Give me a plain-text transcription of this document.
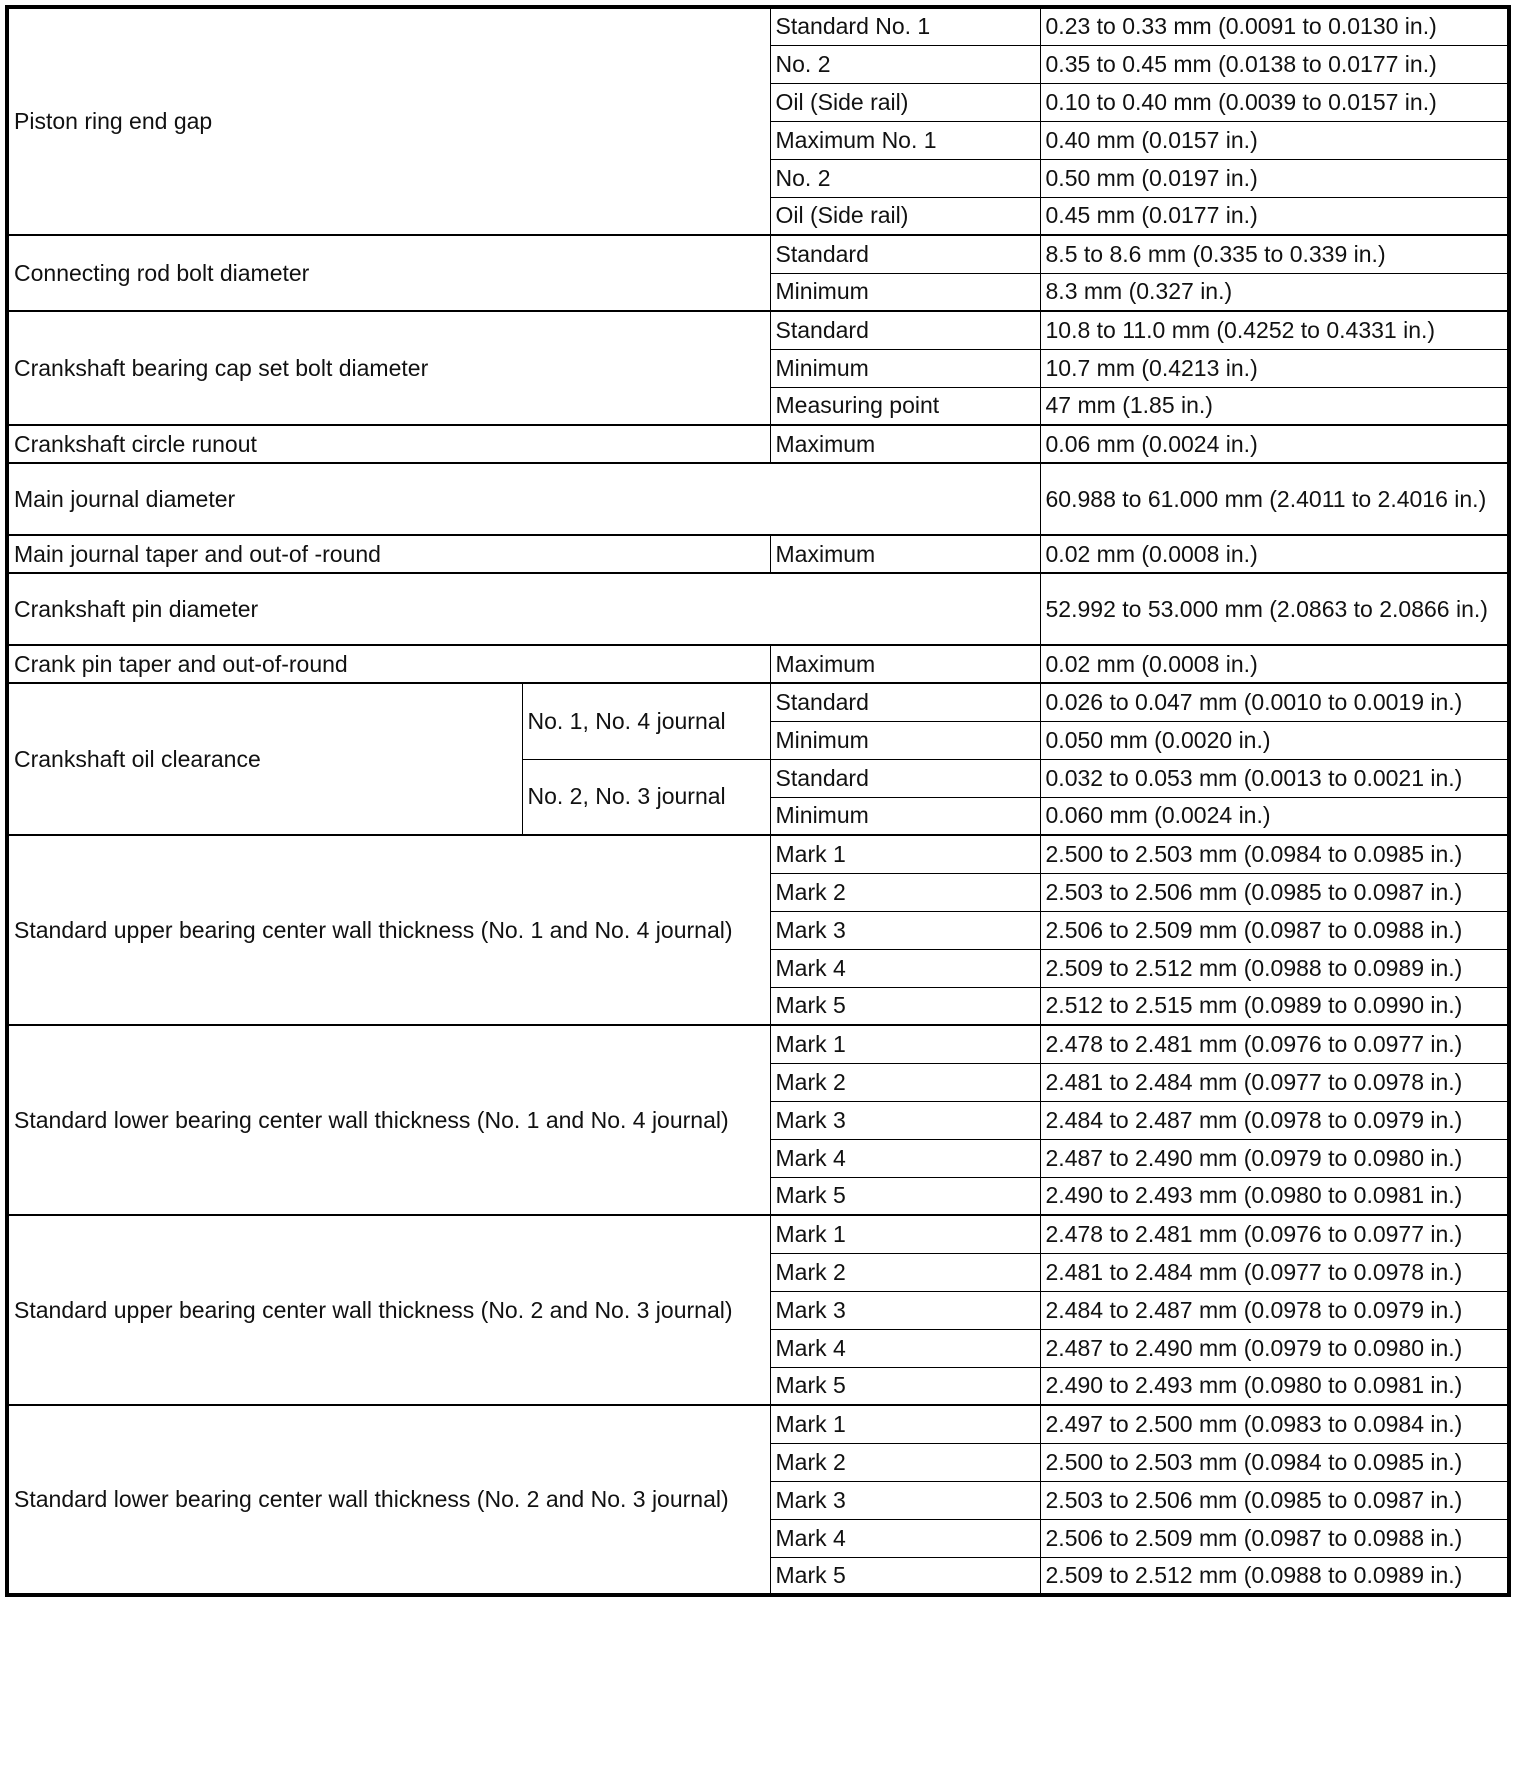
Piston ring end gap		Standard No. 1	0.23 to 0.33 mm (0.0091 to 0.0130 in.)
		No. 2	0.35 to 0.45 mm (0.0138 to 0.0177 in.)
		Oil (Side rail)	0.10 to 0.40 mm (0.0039 to 0.0157 in.)
		Maximum No. 1	0.40 mm (0.0157 in.)
		No. 2	0.50 mm (0.0197 in.)
		Oil (Side rail)	0.45 mm (0.0177 in.)
Connecting rod bolt diameter		Standard	8.5 to 8.6 mm (0.335 to 0.339 in.)
		Minimum	8.3 mm (0.327 in.)
Crankshaft bearing cap set bolt diameter		Standard	10.8 to 11.0 mm (0.4252 to 0.4331 in.)
		Minimum	10.7 mm (0.4213 in.)
		Measuring point	47 mm (1.85 in.)
Crankshaft circle runout		Maximum	0.06 mm (0.0024 in.)
Main journal diameter			60.988 to 61.000 mm (2.4011 to 2.4016 in.)
Main journal taper and out-of -round		Maximum	0.02 mm (0.0008 in.)
Crankshaft pin diameter			52.992 to 53.000 mm (2.0863 to 2.0866 in.)
Crank pin taper and out-of-round		Maximum	0.02 mm (0.0008 in.)
Crankshaft oil clearance	No. 1, No. 4 journal	Standard	0.026 to 0.047 mm (0.0010 to 0.0019 in.)
		Minimum	0.050 mm (0.0020 in.)
	No. 2, No. 3 journal	Standard	0.032 to 0.053 mm (0.0013 to 0.0021 in.)
		Minimum	0.060 mm (0.0024 in.)
Standard upper bearing center wall thickness (No. 1 and No. 4 journal)		Mark 1	2.500 to 2.503 mm (0.0984 to 0.0985 in.)
		Mark 2	2.503 to 2.506 mm (0.0985 to 0.0987 in.)
		Mark 3	2.506 to 2.509 mm (0.0987 to 0.0988 in.)
		Mark 4	2.509 to 2.512 mm (0.0988 to 0.0989 in.)
		Mark 5	2.512 to 2.515 mm (0.0989 to 0.0990 in.)
Standard lower bearing center wall thickness (No. 1 and No. 4 journal)		Mark 1	2.478 to 2.481 mm (0.0976 to 0.0977 in.)
		Mark 2	2.481 to 2.484 mm (0.0977 to 0.0978 in.)
		Mark 3	2.484 to 2.487 mm (0.0978 to 0.0979 in.)
		Mark 4	2.487 to 2.490 mm (0.0979 to 0.0980 in.)
		Mark 5	2.490 to 2.493 mm (0.0980 to 0.0981 in.)
Standard upper bearing center wall thickness (No. 2 and No. 3 journal)		Mark 1	2.478 to 2.481 mm (0.0976 to 0.0977 in.)
		Mark 2	2.481 to 2.484 mm (0.0977 to 0.0978 in.)
		Mark 3	2.484 to 2.487 mm (0.0978 to 0.0979 in.)
		Mark 4	2.487 to 2.490 mm (0.0979 to 0.0980 in.)
		Mark 5	2.490 to 2.493 mm (0.0980 to 0.0981 in.)
Standard lower bearing center wall thickness (No. 2 and No. 3 journal)		Mark 1	2.497 to 2.500 mm (0.0983 to 0.0984 in.)
		Mark 2	2.500 to 2.503 mm (0.0984 to 0.0985 in.)
		Mark 3	2.503 to 2.506 mm (0.0985 to 0.0987 in.)
		Mark 4	2.506 to 2.509 mm (0.0987 to 0.0988 in.)
		Mark 5	2.509 to 2.512 mm (0.0988 to 0.0989 in.)
